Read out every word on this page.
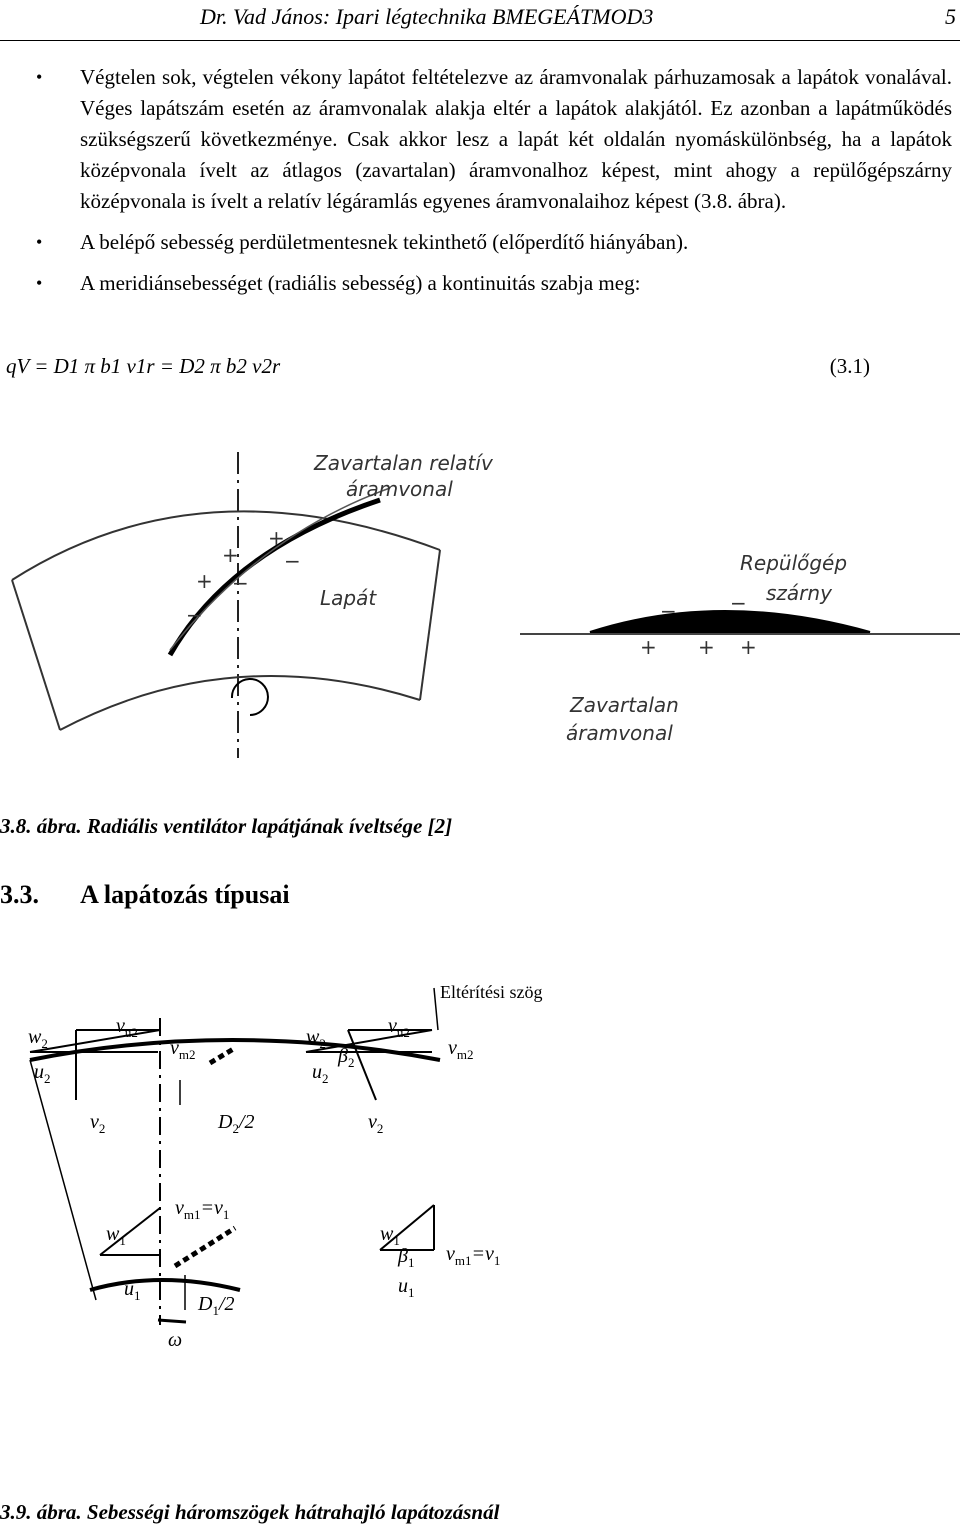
Dr. Vad János: Ipari légtechnika BMEGEÁTMOD3	5
• Végtelen sok, végtelen vékony lapátot feltételezve az áramvonalak párhuzamosak a lapátok vonalával. Véges lapátszám esetén az áramvonalak alakja eltér a lapátok alakjától. Ez azonban a lapátműködés szükségszerű következménye. Csak akkor lesz a lapát két oldalán nyomáskülönbség, ha a lapátok középvonala ívelt az átlagos (zavartalan) áramvonalhoz képest, mint ahogy a repülőgépszárny középvonala is ívelt a relatív légáramlás egyenes áramvonalaihoz képest (3.8. ábra).
• A belépő sebesség perdületmentesnek tekinthető (előperdítő hiányában).
• A meridiánsebességet (radiális sebesség) a kontinuitás szabja meg:
qV = D1 π b1 v1r = D2 π b2 v2r	(3.1)
Zavartalan relatív
áramvonal
Lapát
+
+
+ −
−
−
Repülőgép
szárny
−	−
+ + +
Zavartalan
áramvonal
3.8. ábra. Radiális ventilátor lapátjának íveltsége [2]
3.3. A lapátozás típusai
Eltérítési szög
$w_2$
$u_2$
$v_{u2}$
$v_{m2}$
$v_2$	$D_2/2$
$v_{m1}=v_1$
$w_1$
$u_1$	$D_1/2$
ω
$w_2$
$u_2$
$\beta_2$
$v_{u2}$
$v_{m2}$
$v_2$
$w_1$
$\beta_1$ $v_{m1}=v_1$
$u_1$
3.9. ábra. Sebességi háromszögek hátrahajló lapátozásnál
